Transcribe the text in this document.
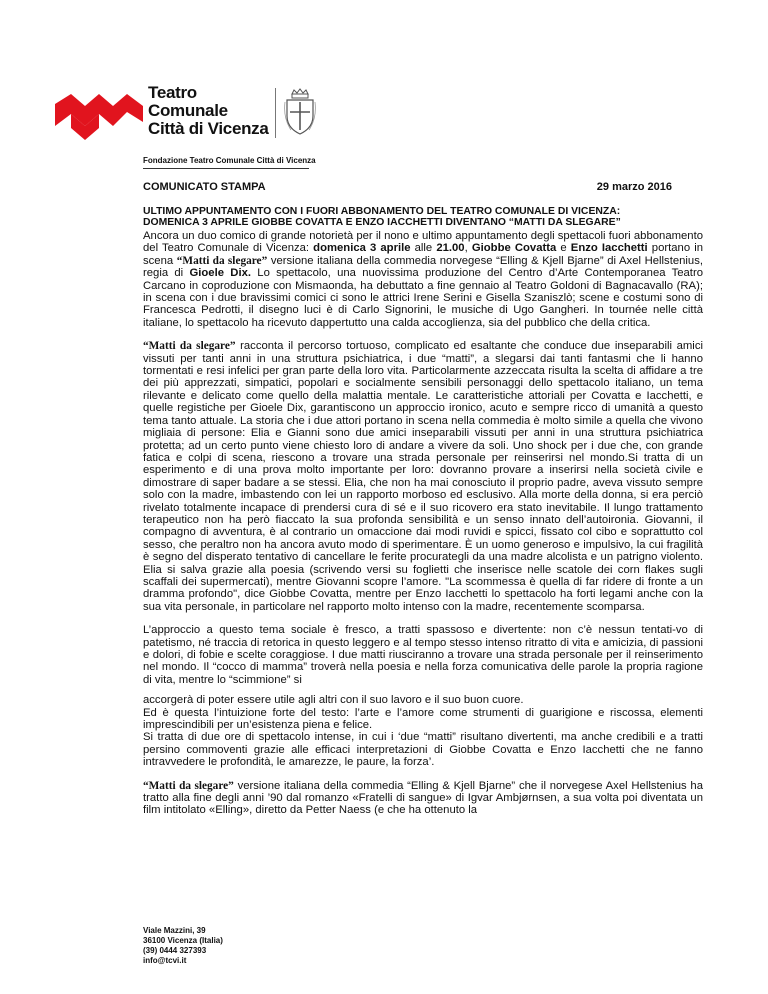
Teatro
Comunale
Città di Vicenza
Fondazione Teatro Comunale Città di Vicenza
COMUNICATO STAMPA	29 marzo 2016
ULTIMO APPUNTAMENTO CON I FUORI ABBONAMENTO DEL TEATRO COMUNALE DI VICENZA:
DOMENICA 3 APRILE GIOBBE COVATTA E ENZO IACCHETTI DIVENTANO “MATTI DA SLEGARE”

Ancora un duo comico di grande notorietà per il nono e ultimo appuntamento degli spettacoli fuori abbonamento del Teatro Comunale di Vicenza: domenica 3 aprile alle 21.00, Giobbe Covatta e Enzo Iacchetti portano in scena “Matti da slegare” versione italiana della commedia norvegese “Elling & Kjell Bjarne” di Axel Hellstenius, regia di Gioele Dix. Lo spettacolo, una nuovissima produzione del Centro d’Arte Contemporanea Teatro Carcano in coproduzione con Mismaonda, ha debuttato a fine gennaio al Teatro Goldoni di Bagnacavallo (RA); in scena con i due bravissimi comici ci sono le attrici Irene Serini e Gisella Szaniszlò; scene e costumi sono di Francesca Pedrotti, il disegno luci è di Carlo Signorini, le musiche di Ugo Gangheri. In tournée nelle città italiane, lo spettacolo ha ricevuto dappertutto una calda accoglienza, sia del pubblico che della critica.

“Matti da slegare” racconta il percorso tortuoso, complicato ed esaltante che conduce due inseparabili amici vissuti per tanti anni in una struttura psichiatrica, i due “matti”, a slegarsi dai tanti fantasmi che li hanno tormentati e resi infelici per gran parte della loro vita. Particolarmente azzeccata risulta la scelta di affidare a tre dei più apprezzati, simpatici, popolari e socialmente sensibili personaggi dello spettacolo italiano, un tema rilevante e delicato come quello della malattia mentale. Le caratteristiche attoriali per Covatta e Iacchetti, e quelle registiche per Gioele Dix, garantiscono un approccio ironico, acuto e sempre ricco di umanità a questo tema tanto attuale. La storia che i due attori portano in scena nella commedia è molto simile a quella che vivono migliaia di persone: Elia e Gianni sono due amici inseparabili vissuti per anni in una struttura psichiatrica protetta; ad un certo punto viene chiesto loro di andare a vivere da soli. Uno shock per i due che, con grande fatica e colpi di scena, riescono a trovare una strada personale per reinserirsi nel mondo.Si tratta di un esperimento e di una prova molto importante per loro: dovranno provare a inserirsi nella società civile e dimostrare di saper badare a se stessi. Elia, che non ha mai conosciuto il proprio padre, aveva vissuto sempre solo con la madre, imbastendo con lei un rapporto morboso ed esclusivo. Alla morte della donna, si era perciò rivelato totalmente incapace di prendersi cura di sé e il suo ricovero era stato inevitabile. Il lungo trattamento terapeutico non ha però fiaccato la sua profonda sensibilità e un senso innato dell’autoironia. Giovanni, il compagno di avventura, è al contrario un omaccione dai modi ruvidi e spicci, fissato col cibo e soprattutto col sesso, che peraltro non ha ancora avuto modo di sperimentare. È un uomo generoso e impulsivo, la cui fragilità è segno del disperato tentativo di cancellare le ferite procurategli da una madre alcolista e un patrigno violento. Elia si salva grazie alla poesia (scrivendo versi su foglietti che inserisce nelle scatole dei corn flakes sugli scaffali dei supermercati), mentre Giovanni scopre l’amore. "La scommessa è quella di far ridere di fronte a un dramma profondo", dice Giobbe Covatta, mentre per Enzo Iacchetti lo spettacolo ha forti legami anche con la sua vita personale, in particolare nel rapporto molto intenso con la madre, recentemente scomparsa.

L’approccio a questo tema sociale è fresco, a tratti spassoso e divertente: non c’è nessun tentati-vo di patetismo, né traccia di retorica in questo leggero e al tempo stesso intenso ritratto di vita e amicizia, di passioni e dolori, di fobie e scelte coraggiose. I due matti riusciranno a trovare una strada personale per il reinserimento nel mondo. Il “cocco di mamma” troverà nella poesia e nella forza comunicativa delle parole la propria ragione di vita, mentre lo “scimmione” si

accorgerà di poter essere utile agli altri con il suo lavoro e il suo buon cuore.
Ed è questa l’intuizione forte del testo: l’arte e l’amore come strumenti di guarigione e riscossa, elementi imprescindibili per un’esistenza piena e felice.
Si tratta di due ore di spettacolo intense, in cui i ‘due “matti” risultano divertenti, ma anche credibili e a tratti persino commoventi grazie alle efficaci interpretazioni di Giobbe Covatta e Enzo Iacchetti che ne fanno intravvedere le profondità, le amarezze, le paure, la forza’.

“Matti da slegare” versione italiana della commedia “Elling & Kjell Bjarne” che il norvegese Axel Hellstenius ha tratto alla fine degli anni ’90 dal romanzo «Fratelli di sangue» di Igvar Ambjørnsen, a sua volta poi diventata un film intitolato «Elling», diretto da Petter Naess (e che ha ottenuto la

Viale Mazzini, 39
36100 Vicenza (Italia)
(39) 0444 327393
info@tcvi.it
